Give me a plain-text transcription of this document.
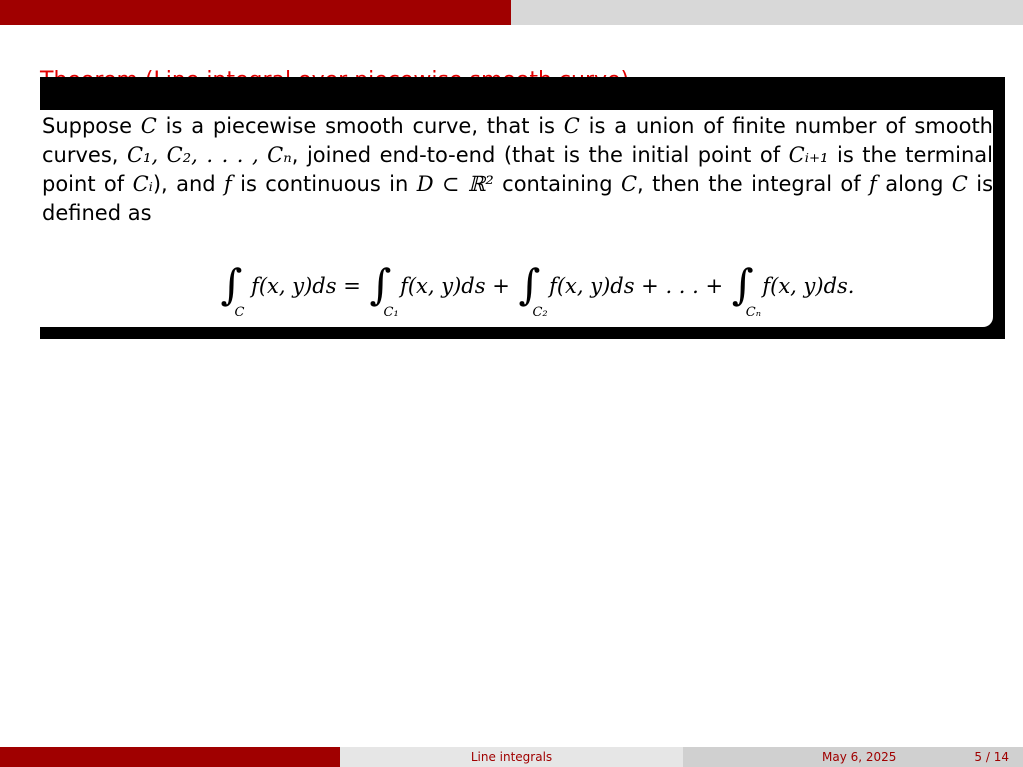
Suppose C is a piecewise smooth curve, that is C is a union of finite number of smooth curves, C₁, C₂, . . . , Cₙ, joined end-to-end (that is the initial point of Cᵢ₊₁ is the terminal point of Cᵢ), and f is continuous in D ⊂ ℝ² containing C, then the integral of f along C is defined as

∫
C
f(x, y)ds = ∫
C₁
f(x, y)ds + ∫
C₂
f(x, y)ds + . . . + ∫
Cₙ
f(x, y)ds.
Line integrals	May 6, 2025	5 / 14
